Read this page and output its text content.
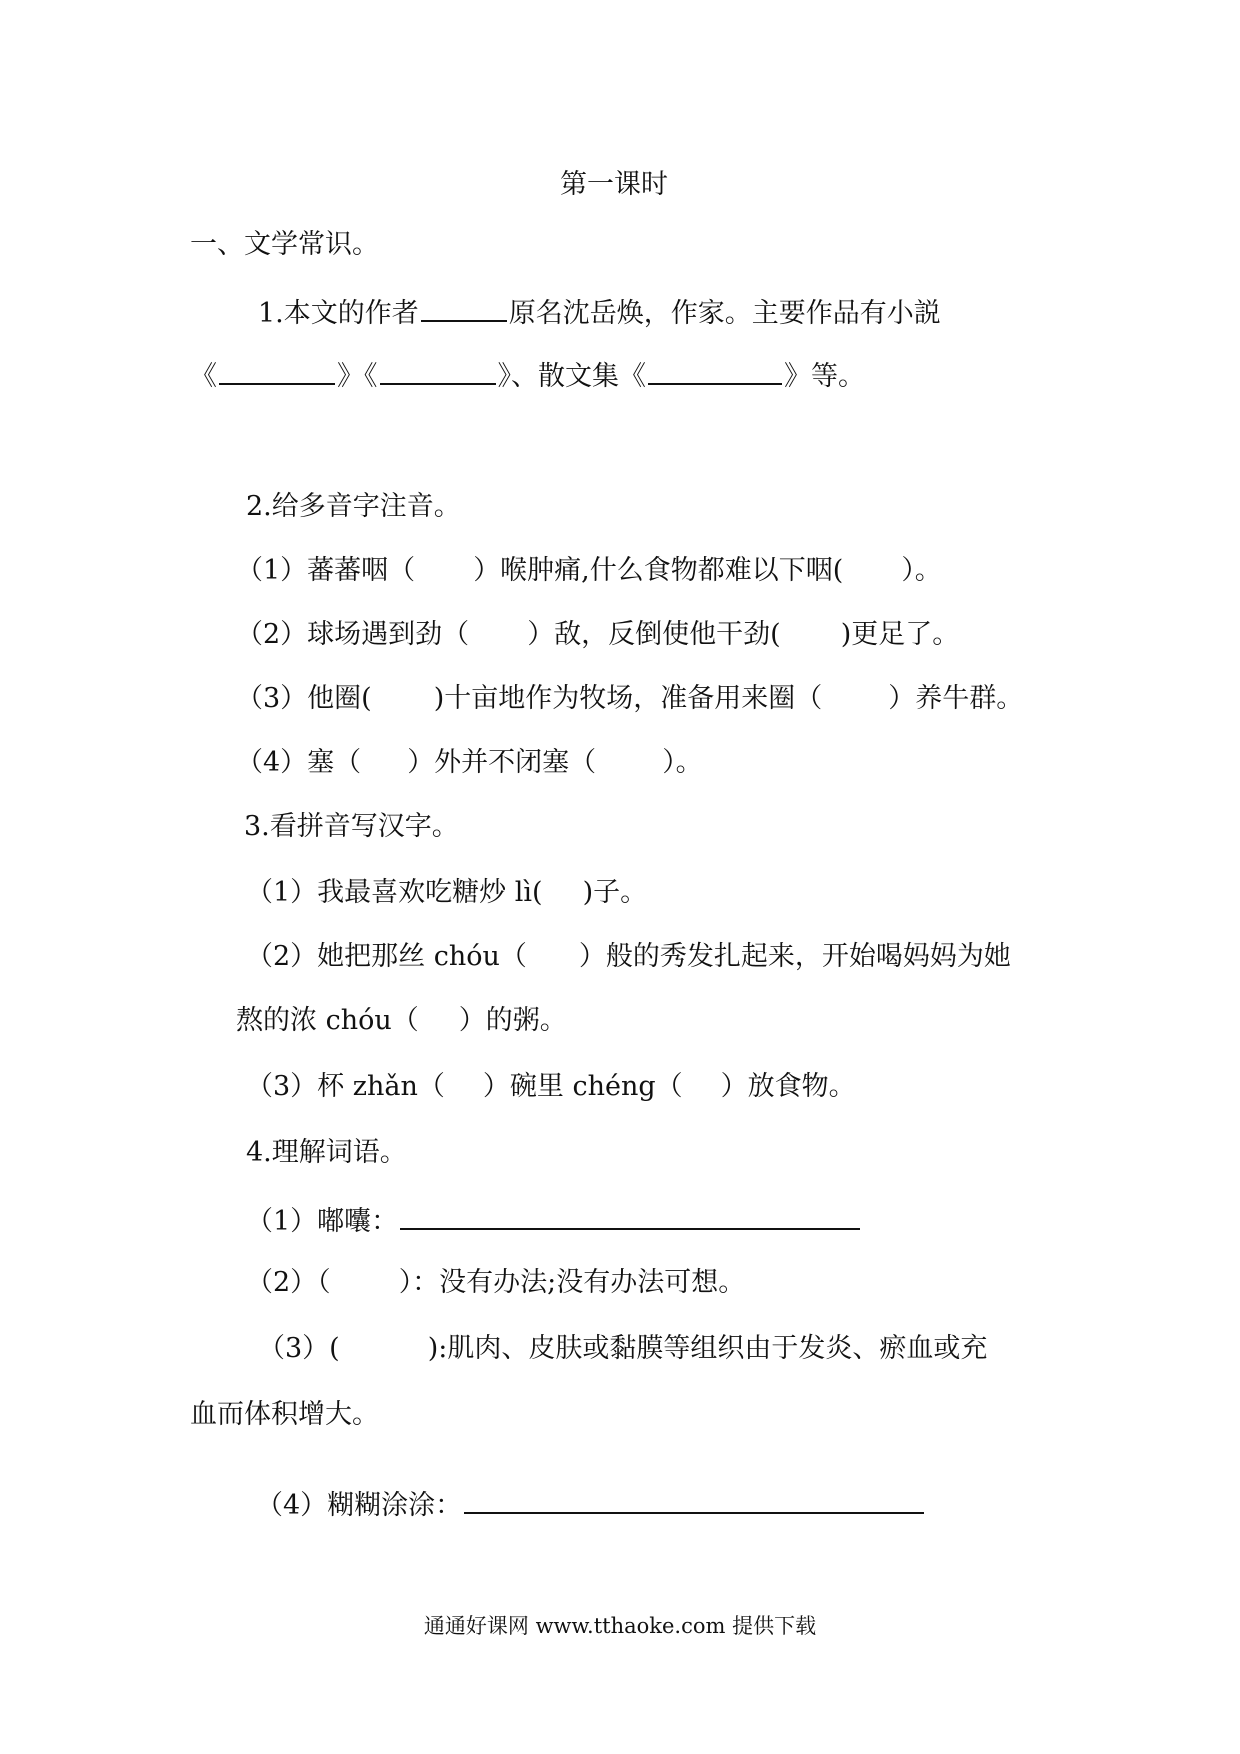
第一课时
一、文学常识。
1.本文的作者	原名沈岳焕，作家。主要作品有小説
《	》《	》、散文集《	》等。
2.给多音字注音。
（1）蕃蕃咽（ ）喉肿痛,什么食物都难以下咽( ）。
（2）球场遇到劲（ ）敌，反倒使他干劲( )更足了。
（3）他圈( )十亩地作为牧场，准备用来圈（ ）养牛群。
（4）塞（ ）外并不闭塞（ ）。
3.看拼音写汉字。
（1）我最喜欢吃糖炒 lì( )子。
（2）她把那丝 chóu（ ）般的秀发扎起来，开始喝妈妈为她
熬的浓 chóu（ ）的粥。
（3）杯 zhǎn（ ）碗里 chéng（ ）放食物。
4.理解词语。
（1）嘟囔：
（2）（	）：没有办法;没有办法可想。
（3）(	):肌肉、皮肤或黏膜等组织由于发炎、瘀血或充
血而体积增大。
（4）糊糊涂涂：
通通好课网 www.tthaoke.com 提供下载
